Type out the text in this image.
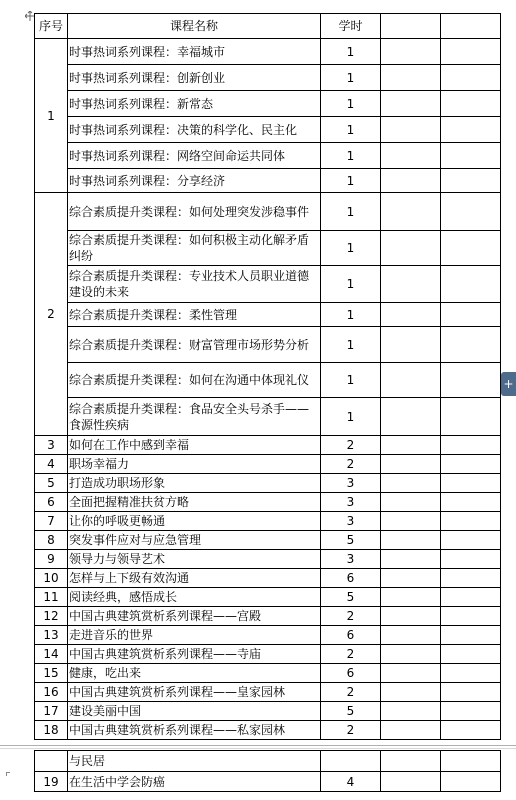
序号	课程名称	学时		
1	时事热词系列课程：幸福城市	1		
	时事热词系列课程：创新创业	1		
	时事热词系列课程：新常态	1		
	时事热词系列课程：决策的科学化、民主化	1		
	时事热词系列课程：网络空间命运共同体	1		
	时事热词系列课程：分享经济	1		
2	综合素质提升类课程：如何处理突发涉稳事件	1		
	综合素质提升类课程：如何积极主动化解矛盾纠纷	1		
	综合素质提升类课程：专业技术人员职业道德建设的未来	1		
	综合素质提升类课程：柔性管理	1		
	综合素质提升类课程：财富管理市场形势分析	1		
	综合素质提升类课程：如何在沟通中体现礼仪	1		
	综合素质提升类课程：食品安全头号杀手——食源性疾病	1		
3	如何在工作中感到幸福	2		
4	职场幸福力	2		
5	打造成功职场形象	3		
6	全面把握精准扶贫方略	3		
7	让你的呼吸更畅通	3		
8	突发事件应对与应急管理	5		
9	领导力与领导艺术	3		
10	怎样与上下级有效沟通	6		
11	阅读经典，感悟成长	5		
12	中国古典建筑赏析系列课程——宫殿	2		
13	走进音乐的世界	6		
14	中国古典建筑赏析系列课程——寺庙	2		
15	健康，吃出来	6		
16	中国古典建筑赏析系列课程——皇家园林	2		
17	建设美丽中国	5		
18	中国古典建筑赏析系列课程——私家园林	2		
	与民居			
19	在生活中学会防癌	4		
+
